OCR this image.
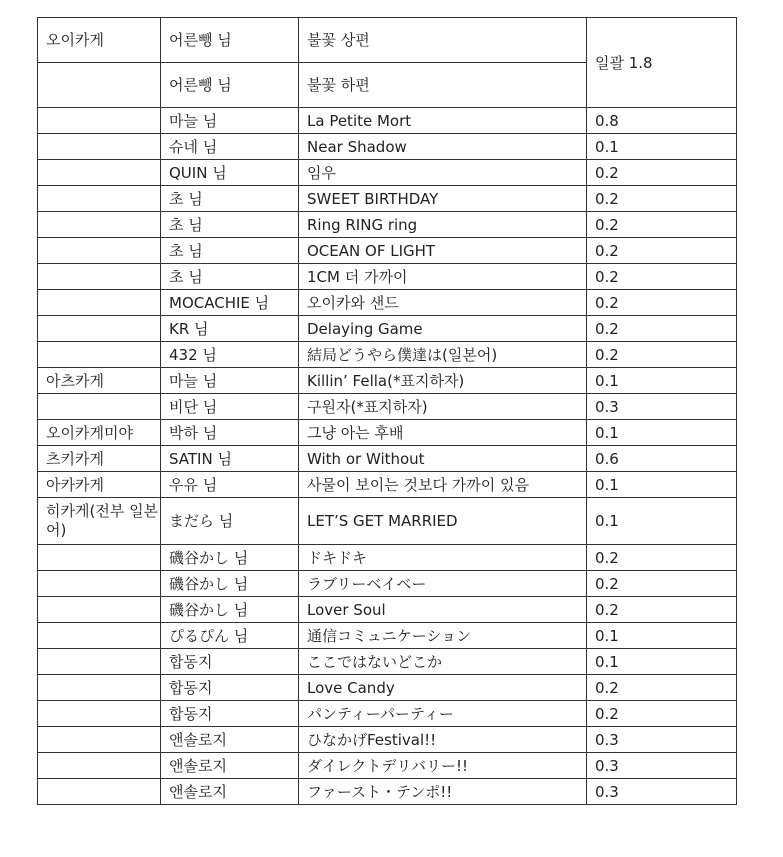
오이카게	어른뺑 님	불꽃 상편	일괄 1.8
	어른뺑 님	불꽃 하편	
	마늘 님	La Petite Mort	0.8
	슈네 님	Near Shadow	0.1
	QUIN 님	임우	0.2
	초 님	SWEET BIRTHDAY	0.2
	초 님	Ring RING ring	0.2
	초 님	OCEAN OF LIGHT	0.2
	초 님	1CM 더 가까이	0.2
	MOCACHIE 님	오이카와 샌드	0.2
	KR 님	Delaying Game	0.2
	432 님	結局どうやら僕達は(일본어)	0.2
아츠카게	마늘 님	Killin’ Fella(*표지하자)	0.1
	비단 님	구원자(*표지하자)	0.3
오이카게미야	박하 님	그냥 아는 후배	0.1
츠키카게	SATIN 님	With or Without	0.6
아카카게	우유 님	사물이 보이는 것보다 가까이 있음	0.1
히카게(전부 일본어)	まだら 님	LET’S GET MARRIED	0.1
	磯谷かし 님	ドキドキ	0.2
	磯谷かし 님	ラブリーベイベー	0.2
	磯谷かし 님	Lover Soul	0.2
	ぴるぴん 님	通信コミュニケーション	0.1
	합동지	ここではないどこか	0.1
	합동지	Love Candy	0.2
	합동지	パンティーパーティー	0.2
	앤솔로지	ひなかげFestival!!	0.3
	앤솔로지	ダイレクトデリバリー!!	0.3
	앤솔로지	ファースト・テンポ!!	0.3
